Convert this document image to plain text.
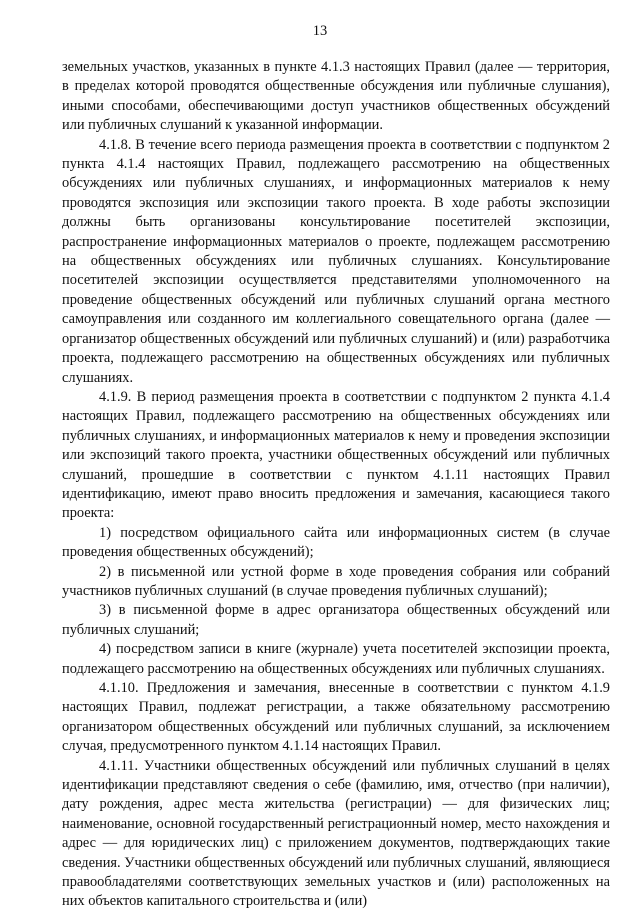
13

земельных участков, указанных в пункте 4.1.3 настоящих Правил (далее — территория, в пределах которой проводятся общественные обсуждения или публичные слушания), иными способами, обеспечивающими доступ участников общественных обсуждений или публичных слушаний к указанной информации.

4.1.8. В течение всего периода размещения проекта в соответствии с подпунктом 2 пункта 4.1.4 настоящих Правил, подлежащего рассмотрению на общественных обсуждениях или публичных слушаниях, и информационных материалов к нему проводятся экспозиция или экспозиции такого проекта. В ходе работы экспозиции должны быть организованы консультирование посетителей экспозиции, распространение информационных материалов о проекте, подлежащем рассмотрению на общественных обсуждениях или публичных слушаниях. Консультирование посетителей экспозиции осуществляется представителями уполномоченного на проведение общественных обсуждений или публичных слушаний органа местного самоуправления или созданного им коллегиального совещательного органа (далее — организатор общественных обсуждений или публичных слушаний) и (или) разработчика проекта, подлежащего рассмотрению на общественных обсуждениях или публичных слушаниях.

4.1.9. В период размещения проекта в соответствии с подпунктом 2 пункта 4.1.4 настоящих Правил, подлежащего рассмотрению на общественных обсуждениях или публичных слушаниях, и информационных материалов к нему и проведения экспозиции или экспозиций такого проекта, участники общественных обсуждений или публичных слушаний, прошедшие в соответствии с пунктом 4.1.11 настоящих Правил идентификацию, имеют право вносить предложения и замечания, касающиеся такого проекта:

1) посредством официального сайта или информационных систем (в случае проведения общественных обсуждений);

2) в письменной или устной форме в ходе проведения собрания или собраний участников публичных слушаний (в случае проведения публичных слушаний);

3) в письменной форме в адрес организатора общественных обсуждений или публичных слушаний;

4) посредством записи в книге (журнале) учета посетителей экспозиции проекта, подлежащего рассмотрению на общественных обсуждениях или публичных слушаниях.

4.1.10. Предложения и замечания, внесенные в соответствии с пунктом 4.1.9 настоящих Правил, подлежат регистрации, а также обязательному рассмотрению организатором общественных обсуждений или публичных слушаний, за исключением случая, предусмотренного пунктом 4.1.14 настоящих Правил.

4.1.11. Участники общественных обсуждений или публичных слушаний в целях идентификации представляют сведения о себе (фамилию, имя, отчество (при наличии), дату рождения, адрес места жительства (регистрации) — для физических лиц; наименование, основной государственный регистрационный номер, место нахождения и адрес — для юридических лиц) с приложением документов, подтверждающих такие сведения. Участники общественных обсуждений или публичных слушаний, являющиеся правообладателями соответствующих земельных участков и (или) расположенных на них объектов капитального строительства и (или)
